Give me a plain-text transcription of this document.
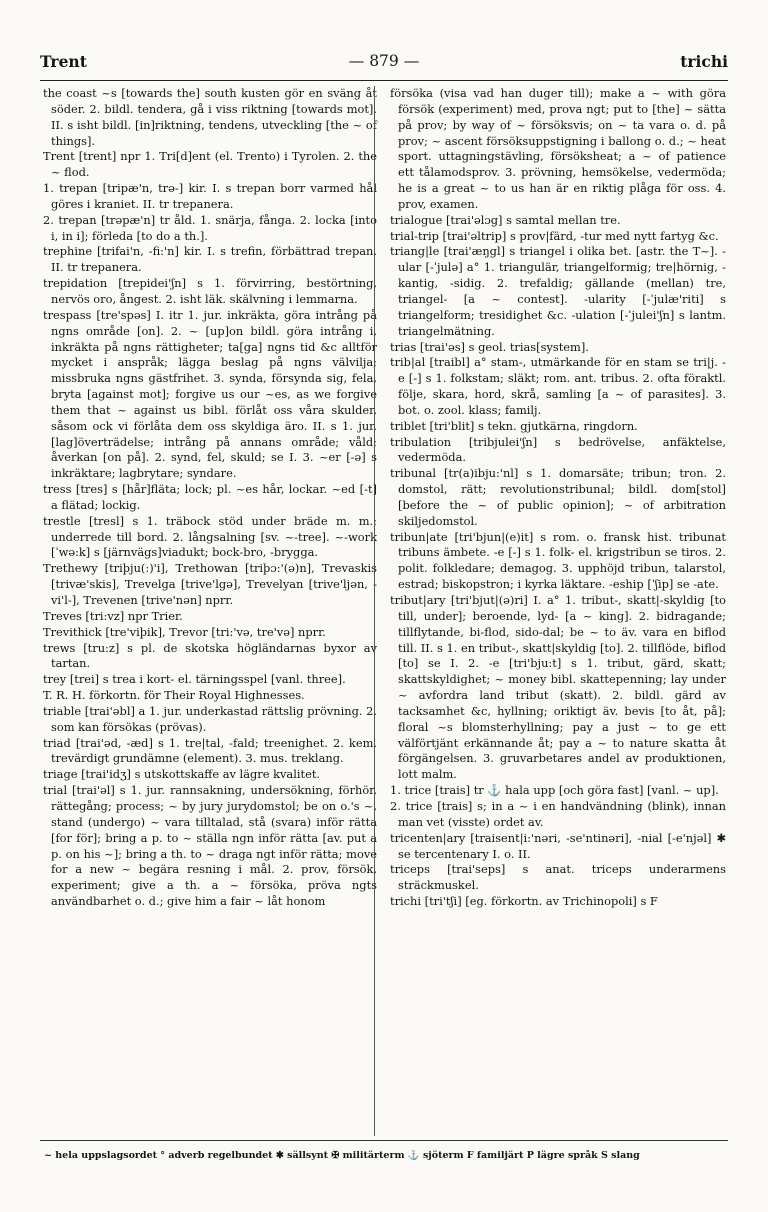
Trent	— 879 —	trichi

the coast ~s [towards the] south kusten gör en sväng åt söder. 2. bildl. tendera, gå i viss riktning [towards mot]. II. s isht bildl. [in]riktning, tendens, utveckling [the ~ of things].

Trent [trent] npr 1. Tri[d]ent (el. Trento) i Tyrolen. 2. the ~ flod.

1. trepan [tripæ'n, trə-] kir. I. s trepan borr varmed hål göres i kraniet. II. tr trepanera.

2. trepan [trəpæ'n] tr åld. 1. snärja, fånga. 2. locka [into i, in i]; förleda [to do a th.].

trephine [trifai'n, -fi:'n] kir. I. s trefin, förbättrad trepan. II. tr trepanera.

trepidation [trepidei'ʃn] s 1. förvirring, bestörtning, nervös oro, ångest. 2. isht läk. skälvning i lemmarna.

trespass [tre'spəs] I. itr 1. jur. inkräkta, göra intrång på ngns område [on]. 2. ~ [up]on bildl. göra intrång i, inkräkta på ngns rättigheter; ta[ga] ngns tid &c alltför mycket i anspråk; lägga beslag på ngns välvilja; missbruka ngns gästfrihet. 3. synda, försynda sig, fela, bryta [against mot]; forgive us our ~es, as we forgive them that ~ against us bibl. förlåt oss våra skulder, såsom ock vi förlåta dem oss skyldiga äro. II. s 1. jur. [lag]överträdelse; intrång på annans område; våld; åverkan [on på]. 2. synd, fel, skuld; se I. 3. ~er [-ə] s inkräktare; lagbrytare; syndare.

tress [tres] s [hår]fläta; lock; pl. ~es hår, lockar. ~ed [-t] a flätad; lockig.

trestle [tresl] s 1. träbock stöd under bräde m. m.; underrede till bord. 2. långsalning [sv. ~-tree]. ~-work [ˈwə:k] s [järnvägs]viadukt; bock-bro, -brygga.

Trethewy [triþju(:)'i], Trethowan [triþɔ:'(ə)n], Trevaskis [trivæ'skis], Trevelga [trive'lgə], Trevelyan [trive'ljən, -vi'l-], Trevenen [trive'nən] nprr.

Treves [tri:vz] npr Trier.

Trevithick [tre'viþik], Trevor [tri:'və, tre'və] nprr.

trews [tru:z] s pl. de skotska högländarnas byxor av tartan.

trey [trei] s trea i kort- el. tärningsspel [vanl. three].

T. R. H. förkortn. för Their Royal Highnesses.

triable [trai'əbl] a 1. jur. underkastad rättslig prövning. 2. som kan försökas (prövas).

triad [trai'əd, -æd] s 1. tre|tal, -fald; treenighet. 2. kem. trevärdigt grundämne (element). 3. mus. treklang.

triage [trai'idʒ] s utskottskaffe av lägre kvalitet.

trial [trai'əl] s 1. jur. rannsakning, undersökning, förhör, rättegång; process; ~ by jury jurydomstol; be on o.'s ~, stand (undergo) ~ vara tilltalad, stå (svara) inför rätta [for för]; bring a p. to ~ ställa ngn inför rätta [av. put a p. on his ~]; bring a th. to ~ draga ngt inför rätta; move for a new ~ begära resning i mål. 2. prov, försök, experiment; give a th. a ~ försöka, pröva ngts användbarhet o. d.; give him a fair ~ låt honom

försöka (visa vad han duger till); make a ~ with göra försök (experiment) med, prova ngt; put to [the] ~ sätta på prov; by way of ~ försöksvis; on ~ ta vara o. d. på prov; ~ ascent försöksuppstigning i ballong o. d.; ~ heat sport. uttagningstävling, försöksheat; a ~ of patience ett tålamodsprov. 3. prövning, hemsökelse, vedermöda; he is a great ~ to us han är en riktig plåga för oss. 4. prov, examen.

trialogue [trai'əlɔg] s samtal mellan tre.

trial-trip [trai'əltrip] s prov|färd, -tur med nytt fartyg &c.

triang|le [trai'æŋgl] s triangel i olika bet. [astr. the T~]. -ular [-ˈjulə] a° 1. triangulär, triangelformig; tre|hörnig, -kantig, -sidig. 2. trefaldig; gällande (mellan) tre, triangel- [a ~ contest]. -ularity [-ˈjulæ'riti] s triangelform; tresidighet &c. -ulation [-ˈjulei'ʃn] s lantm. triangelmätning.

trias [trai'əs] s geol. trias[system].

trib|al [traibl] a° stam-, utmärkande för en stam se tri|j. -e [-] s 1. folkstam; släkt; rom. ant. tribus. 2. ofta föraktl. följe, skara, hord, skrå, samling [a ~ of parasites]. 3. bot. o. zool. klass; familj.

triblet [tri'blit] s tekn. gjutkärna, ringdorn.

tribulation [tribjulei'ʃn] s bedrövelse, anfäktelse, vedermöda.

tribunal [tr(a)ibju:'nl] s 1. domarsäte; tribun; tron. 2. domstol, rätt; revolutionstribunal; bildl. dom[stol] [before the ~ of public opinion]; ~ of arbitration skiljedomstol.

tribun|ate [tri'bjun|(e)it] s rom. o. fransk hist. tribunat tribuns ämbete. -e [-] s 1. folk- el. krigstribun se tiros. 2. polit. folkledare; demagog. 3. upphöjd tribun, talarstol, estrad; biskopstron; i kyrka läktare. -eship [ˈʃip] se -ate.

tribut|ary [tri'bjut|(ə)ri] I. a° 1. tribut-, skatt|-skyldig [to till, under]; beroende, lyd- [a ~ king]. 2. bidragande; tillflytande, bi-flod, sido-dal; be ~ to äv. vara en biflod till. II. s 1. en tribut-, skatt|skyldig [to]. 2. tillflöde, biflod [to] se I. 2. -e [tri'bju:t] s 1. tribut, gärd, skatt; skattskyldighet; ~ money bibl. skattepenning; lay under ~ avfordra land tribut (skatt). 2. bildl. gärd av tacksamhet &c, hyllning; oriktigt äv. bevis [to åt, på]; floral ~s blomsterhyllning; pay a just ~ to ge ett välförtjänt erkännande åt; pay a ~ to nature skatta åt förgängelsen. 3. gruvarbetares andel av produktionen, lott malm.

1. trice [trais] tr ⚓ hala upp [och göra fast] [vanl. ~ up].

2. trice [trais] s; in a ~ i en handvändning (blink), innan man vet (visste) ordet av.

tricenten|ary [traisent|i:'nəri, -se'ntinəri], -nial [-e'njəl] ✱ se tercentenary I. o. II.

triceps [trai'seps] s anat. triceps underarmens sträckmuskel.

trichi [tri'tʃi] [eg. förkortn. av Trichinopoli] s F

~ hela uppslagsordet ° adverb regelbundet ✱ sällsynt ✠ militärterm ⚓ sjöterm F familjärt P lägre språk S slang
